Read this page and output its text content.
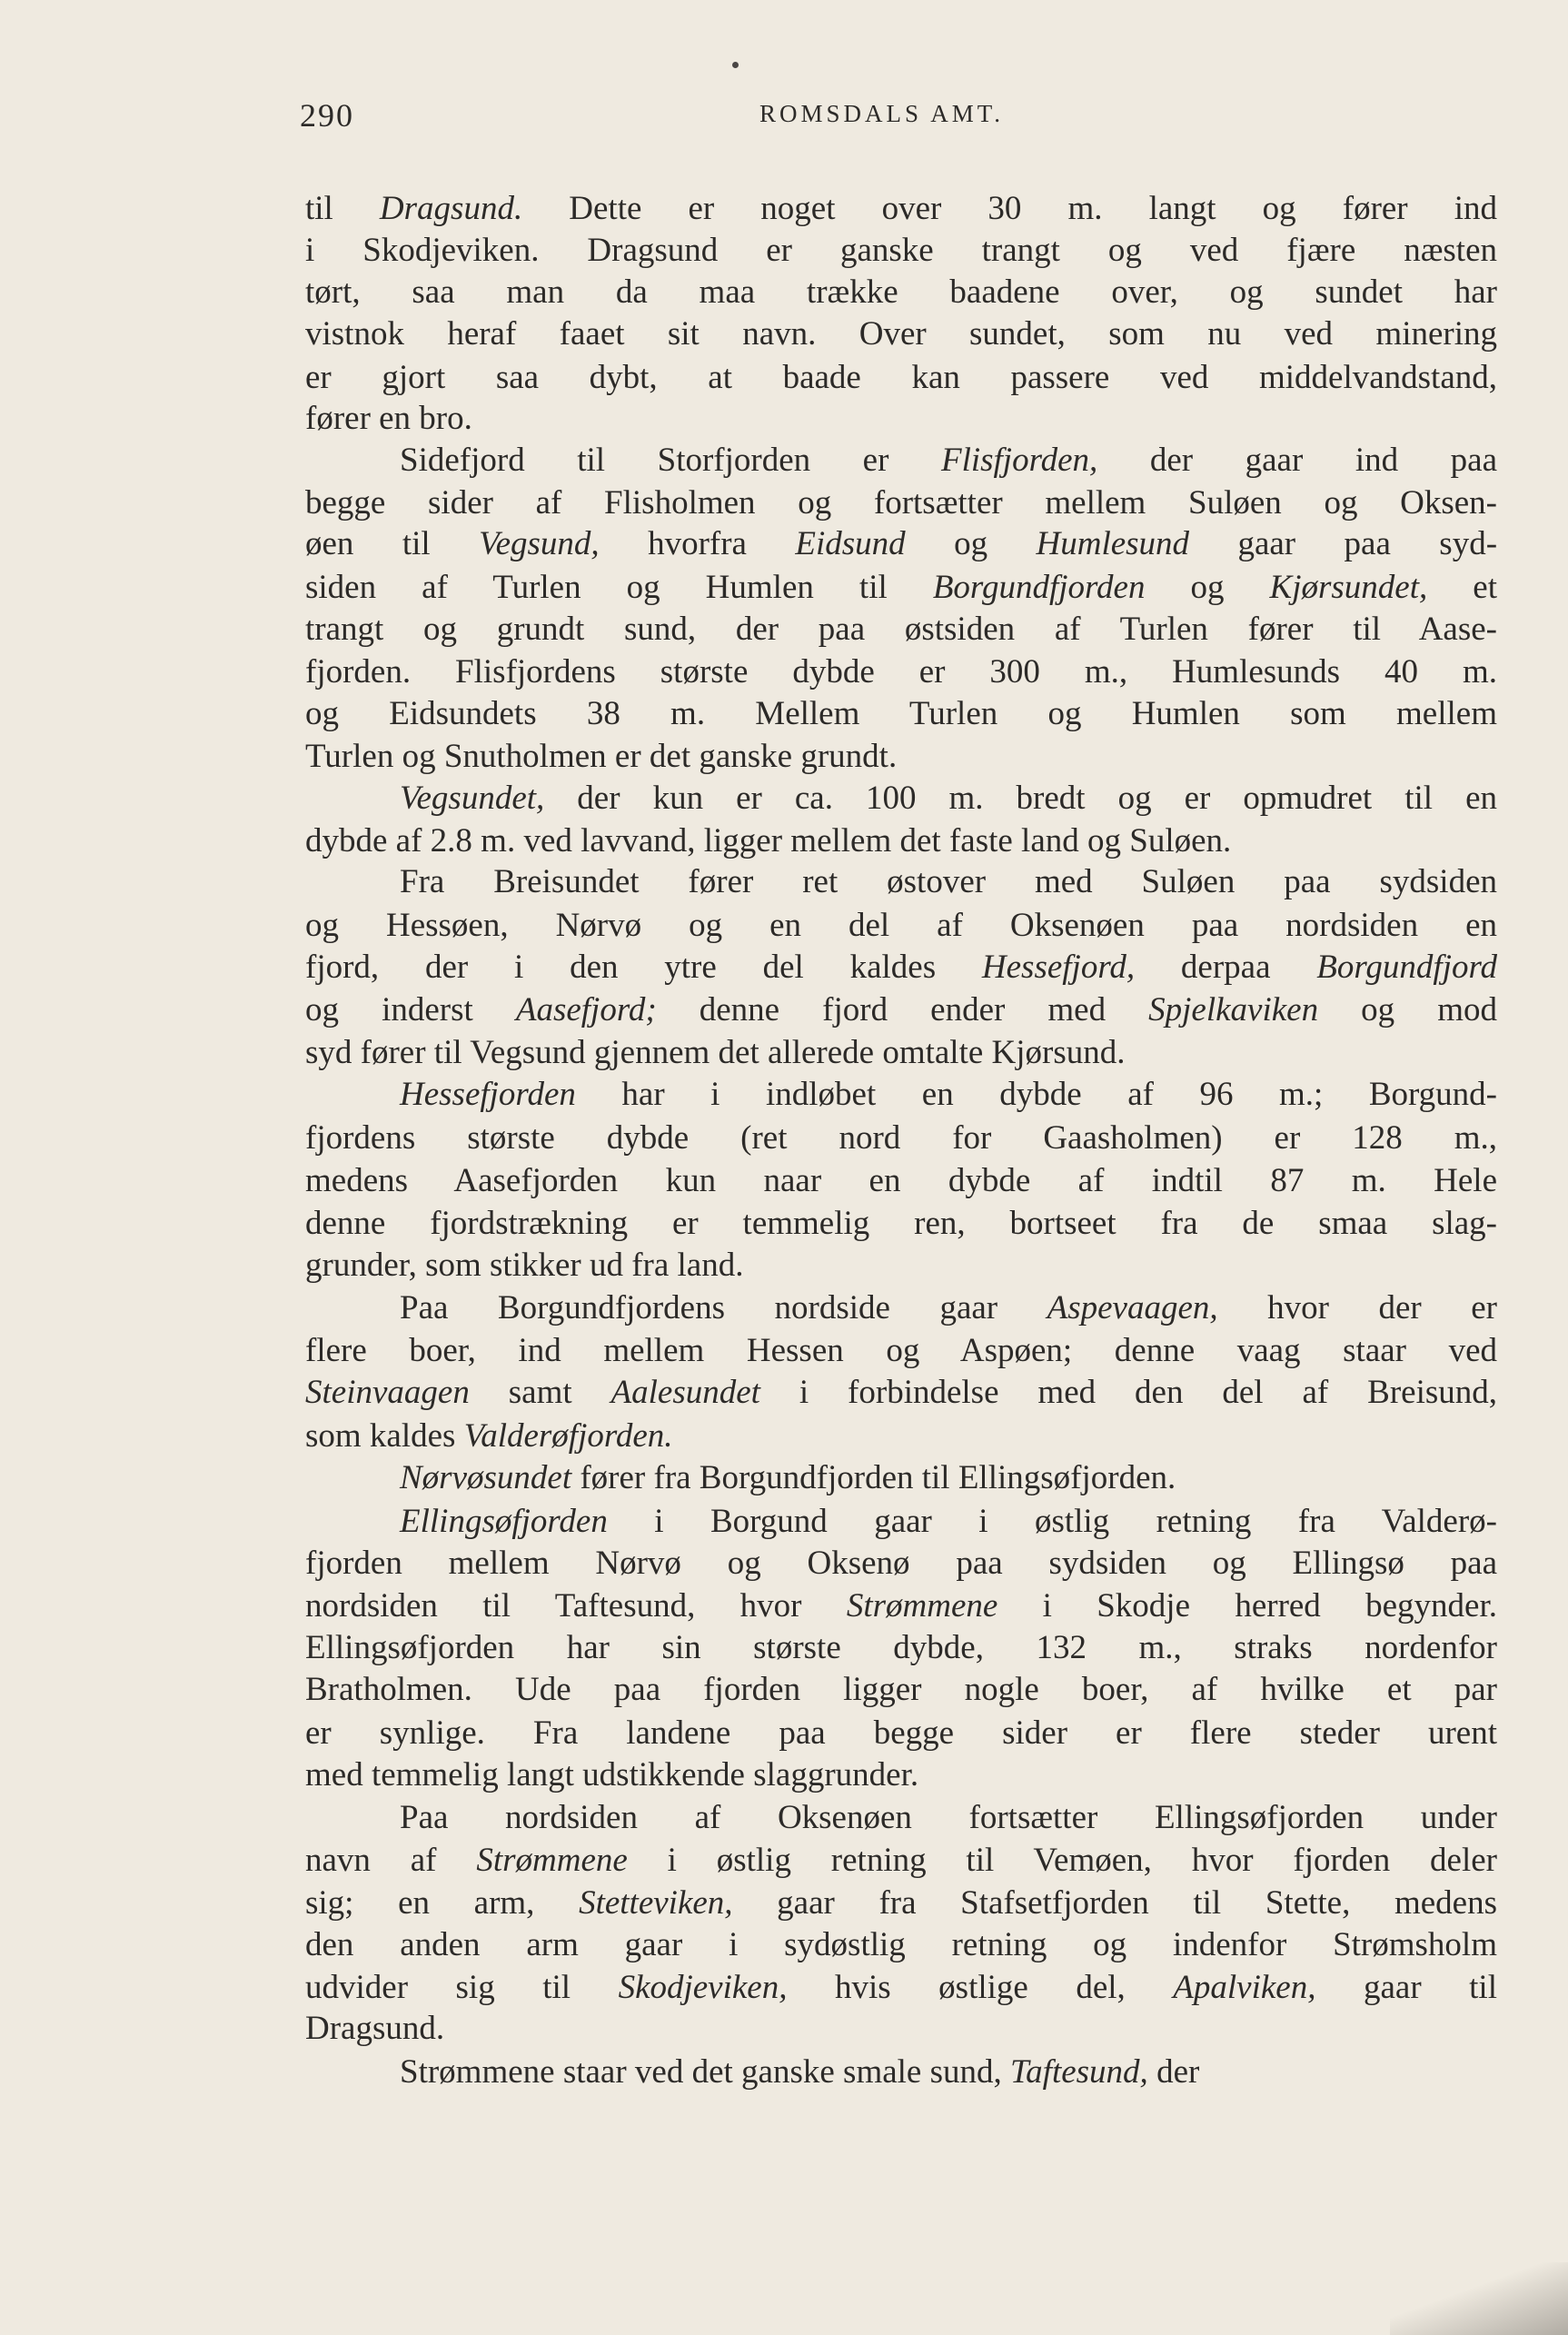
290	ROMSDALS AMT.
til Dragsund. Dette er noget over 30 m. langt og fører ind
i Skodjeviken. Dragsund er ganske trangt og ved fjære næsten
tørt, saa man da maa trække baadene over, og sundet har
vistnok heraf faaet sit navn. Over sundet, som nu ved minering
er gjort saa dybt, at baade kan passere ved middelvandstand,
fører en bro.
Sidefjord til Storfjorden er Flisfjorden, der gaar ind paa
begge sider af Flisholmen og fortsætter mellem Suløen og Oksen-
øen til Vegsund, hvorfra Eidsund og Humlesund gaar paa syd-
siden af Turlen og Humlen til Borgundfjorden og Kjørsundet, et
trangt og grundt sund, der paa østsiden af Turlen fører til Aase-
fjorden. Flisfjordens største dybde er 300 m., Humlesunds 40 m.
og Eidsundets 38 m. Mellem Turlen og Humlen som mellem
Turlen og Snutholmen er det ganske grundt.
Vegsundet, der kun er ca. 100 m. bredt og er opmudret til en
dybde af 2.8 m. ved lavvand, ligger mellem det faste land og Suløen.
Fra Breisundet fører ret østover med Suløen paa sydsiden
og Hessøen, Nørvø og en del af Oksenøen paa nordsiden en
fjord, der i den ytre del kaldes Hessefjord, derpaa Borgundfjord
og inderst Aasefjord; denne fjord ender med Spjelkaviken og mod
syd fører til Vegsund gjennem det allerede omtalte Kjørsund.
Hessefjorden har i indløbet en dybde af 96 m.; Borgund-
fjordens største dybde (ret nord for Gaasholmen) er 128 m.,
medens Aasefjorden kun naar en dybde af indtil 87 m. Hele
denne fjordstrækning er temmelig ren, bortseet fra de smaa slag-
grunder, som stikker ud fra land.
Paa Borgundfjordens nordside gaar Aspevaagen, hvor der er
flere boer, ind mellem Hessen og Aspøen; denne vaag staar ved
Steinvaagen samt Aalesundet i forbindelse med den del af Breisund,
som kaldes Valderøfjorden.
Nørvøsundet fører fra Borgundfjorden til Ellingsøfjorden.
Ellingsøfjorden i Borgund gaar i østlig retning fra Valderø-
fjorden mellem Nørvø og Oksenø paa sydsiden og Ellingsø paa
nordsiden til Taftesund, hvor Strømmene i Skodje herred begynder.
Ellingsøfjorden har sin største dybde, 132 m., straks nordenfor
Bratholmen. Ude paa fjorden ligger nogle boer, af hvilke et par
er synlige. Fra landene paa begge sider er flere steder urent
med temmelig langt udstikkende slaggrunder.
Paa nordsiden af Oksenøen fortsætter Ellingsøfjorden under
navn af Strømmene i østlig retning til Vemøen, hvor fjorden deler
sig; en arm, Stetteviken, gaar fra Stafsetfjorden til Stette, medens
den anden arm gaar i sydøstlig retning og indenfor Strømsholm
udvider sig til Skodjeviken, hvis østlige del, Apalviken, gaar til
Dragsund.
Strømmene staar ved det ganske smale sund, Taftesund, der
